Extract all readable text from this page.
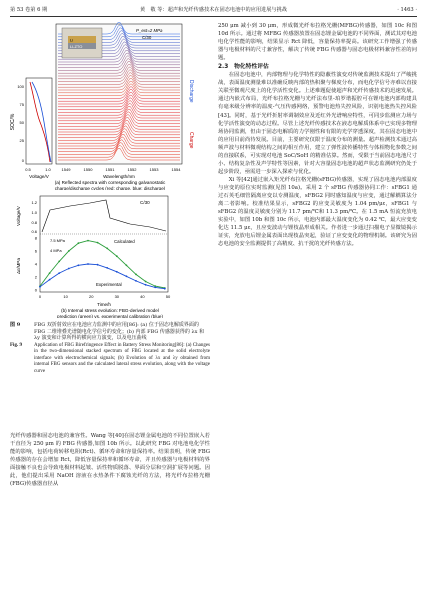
第 53 卷第 6 期	黄　敬 等：超声和光纤传感技术在固态电池中的应用进展与挑战	· 1463 ·
SOC/%
100
75
50
25
0
0.5	1.0
Voltage/V
Li
LLZTO
P_ext=2 MPa
C/30
1549	1550	1551	1552	1553	1554
Wavelength/nm
Discharge
Charge
(a) Reflected spectra with corresponding galvanostatic
charge/discharge cycles (red: charge, blue: discharge)
Voltage/V
Δε/MPa
1.2
1.0
0.8
0.6
8
6
4
2
0
C/30
7.5 MPa
4 MPa
Calculated
Experimental
0	10	20	30	40	50
Time/h
(b) Internal stress evolution: FBG-derived model
prediction (green) vs. experimental calibration (blue)
图 9	FBG 双折射效应在电池应力监测中的应用[86]: (a) 位于固态电解质界面的 FBG 二维堆叠光谱随电化学信号的变化；(b) 内部 FBG 传感器获得的 λx 和 λy 演变和计算所得的横向应力演变，以及电压曲线
Fig. 9 Application of FBG Birefringence Effect in Battery Stress Monitoring[86]: (a) Changes in the two-dimensional stacked spectrum of FBG located at the solid electrolyte interface with electrochemical signals; (b) Evolution of λx and λy obtained from internal FBG sensors and the calculated lateral stress evolution, along with the voltage curve

光纤传感器和固态电池的兼容性。Wang 等[40]在固态锂金属电池的不同位置嵌入若干直径为 250 μm 的 FBG 传感器,如图 10b 所示。以此研究 FBG 对电池电化学性能的影响，包括电荷转移电阻(Rct)、循环寿命和容量保持率。结果表明，传统 FBG 传感器的存在会增加 Rct，降低容量保持率和循环寿命，并且传感器与电极材料的界面接触不良也会导致电极材料起皱、活性物质脱落、界面分层和空洞扩展等问题。因此，他们提出采用 NaOH 溶液在水热条件下腐蚀光纤的方法，将光纤布拉格光栅(FBG)传感器直径从

250 μm 减小到 30 μm，形成微光纤布拉格光栅(MFBG)传感器，如图 10c 和图 10d 所示。通过将 MFBG 传感器放置在固态锂金属电池的不同界面，测试其对电池电化学性能的影响，结果显示 Rct 降低，容量保持率提高。该研究工作增强了传感器与电极材料的尺寸兼容性，解决了传统 FBG 传感器与固态电极材料兼容性差的问题。

2.3　物化特性评估

在固态电池中，内部物理与化学特性的隐蔽性演变对传统监测技术提出了严峻挑战，表面温度测量难以准确反映内部的热积聚与梯度分布，而电化学信号亦难以直接关联至微观尺度上的化学活性变化。上述难题促使超声和光纤传感技术的迅速发展。通过内嵌式布局，光纤布拉格光栅与光纤法布里-珀罗谐振腔可在锂电池内部构建具有毫米级分辨率的温度-气压传感网络，预警电池热失控风险，识别电池热失控风险[43]。同时，基于光纤折射率调制效应及近红外光谱响应特性，可同步监测应力场与化学活性演变的动态过程。尽管上述光纤传感技术在液态电解质体系中已实现多物理场协同监测，但由于固态电解质的力学刚性和有限的光学穿透深度，其在固态电池中的应用目前尚待发展。目前，主要研究仅限于温度分布的测量。超声检测技术通过高频声波与材料微观结构之间的相互作用，建立了弹性波传播特性与体相物化参数之间的直接联系，可实现对电池 SoC/SoH 的精准估算。然而，受限于当前固态电池尺寸小、结构复杂性及声学特性等因素，针对大容量固态电池的超声状态监测研究仍处于起步阶段，亟需进一步深入探索与优化。

Xi 等[42]通过嵌入矩光纤布拉格光栅(sFBG)传感器，实现了固态电池内部温度与应变的原位实时监测(见图 10a)。采用 2 个 sFBG 传感器协同工作：sFBG1 通过石英毛细管隔离应变以专测温度，sFBG2 同时感知温度与应变，通过解耦算法分离二者影响。校准结果显示，sFBG2 的应变灵敏度为 1.04 pm/με，sFBG1 与 sFBG2 的温度灵敏度分别为 11.7 pm/℃和 11.3 pm/℃。在 1.5 mA 恒流充放电实验中，如图 10b 和图 10c 所示，电池内部最大温度变化为 0.42 ℃，最大应变变化达 11.5 με，且应变波动与锂枝晶形成相关。作者进一步通过扫描电子显微镜揭示证实，充放电后锂金属表面出现枝晶突起，验证了应变变化的物理机制。该研究为固态电池的安全监测提供了高精度、抗干扰的光纤传感方法。
